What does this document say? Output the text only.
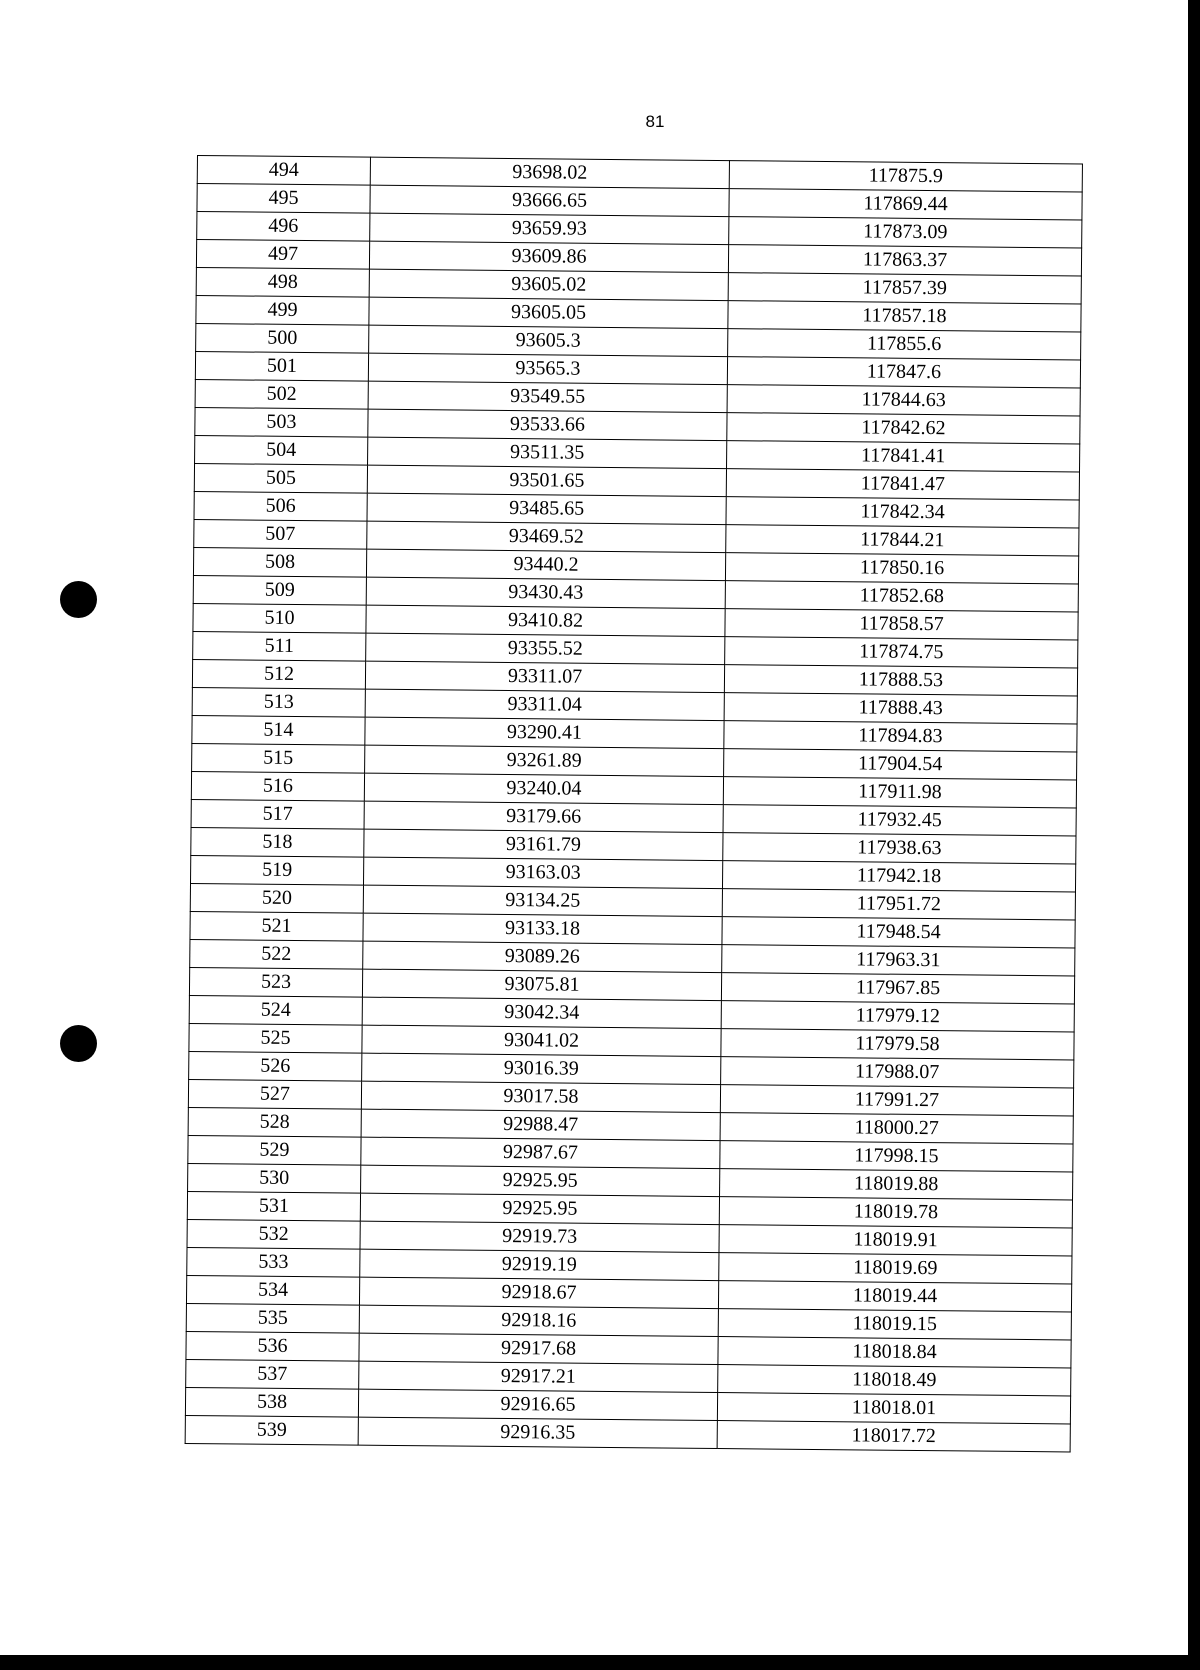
81
494	93698.02	117875.9
495	93666.65	117869.44
496	93659.93	117873.09
497	93609.86	117863.37
498	93605.02	117857.39
499	93605.05	117857.18
500	93605.3	117855.6
501	93565.3	117847.6
502	93549.55	117844.63
503	93533.66	117842.62
504	93511.35	117841.41
505	93501.65	117841.47
506	93485.65	117842.34
507	93469.52	117844.21
508	93440.2	117850.16
509	93430.43	117852.68
510	93410.82	117858.57
511	93355.52	117874.75
512	93311.07	117888.53
513	93311.04	117888.43
514	93290.41	117894.83
515	93261.89	117904.54
516	93240.04	117911.98
517	93179.66	117932.45
518	93161.79	117938.63
519	93163.03	117942.18
520	93134.25	117951.72
521	93133.18	117948.54
522	93089.26	117963.31
523	93075.81	117967.85
524	93042.34	117979.12
525	93041.02	117979.58
526	93016.39	117988.07
527	93017.58	117991.27
528	92988.47	118000.27
529	92987.67	117998.15
530	92925.95	118019.88
531	92925.95	118019.78
532	92919.73	118019.91
533	92919.19	118019.69
534	92918.67	118019.44
535	92918.16	118019.15
536	92917.68	118018.84
537	92917.21	118018.49
538	92916.65	118018.01
539	92916.35	118017.72
